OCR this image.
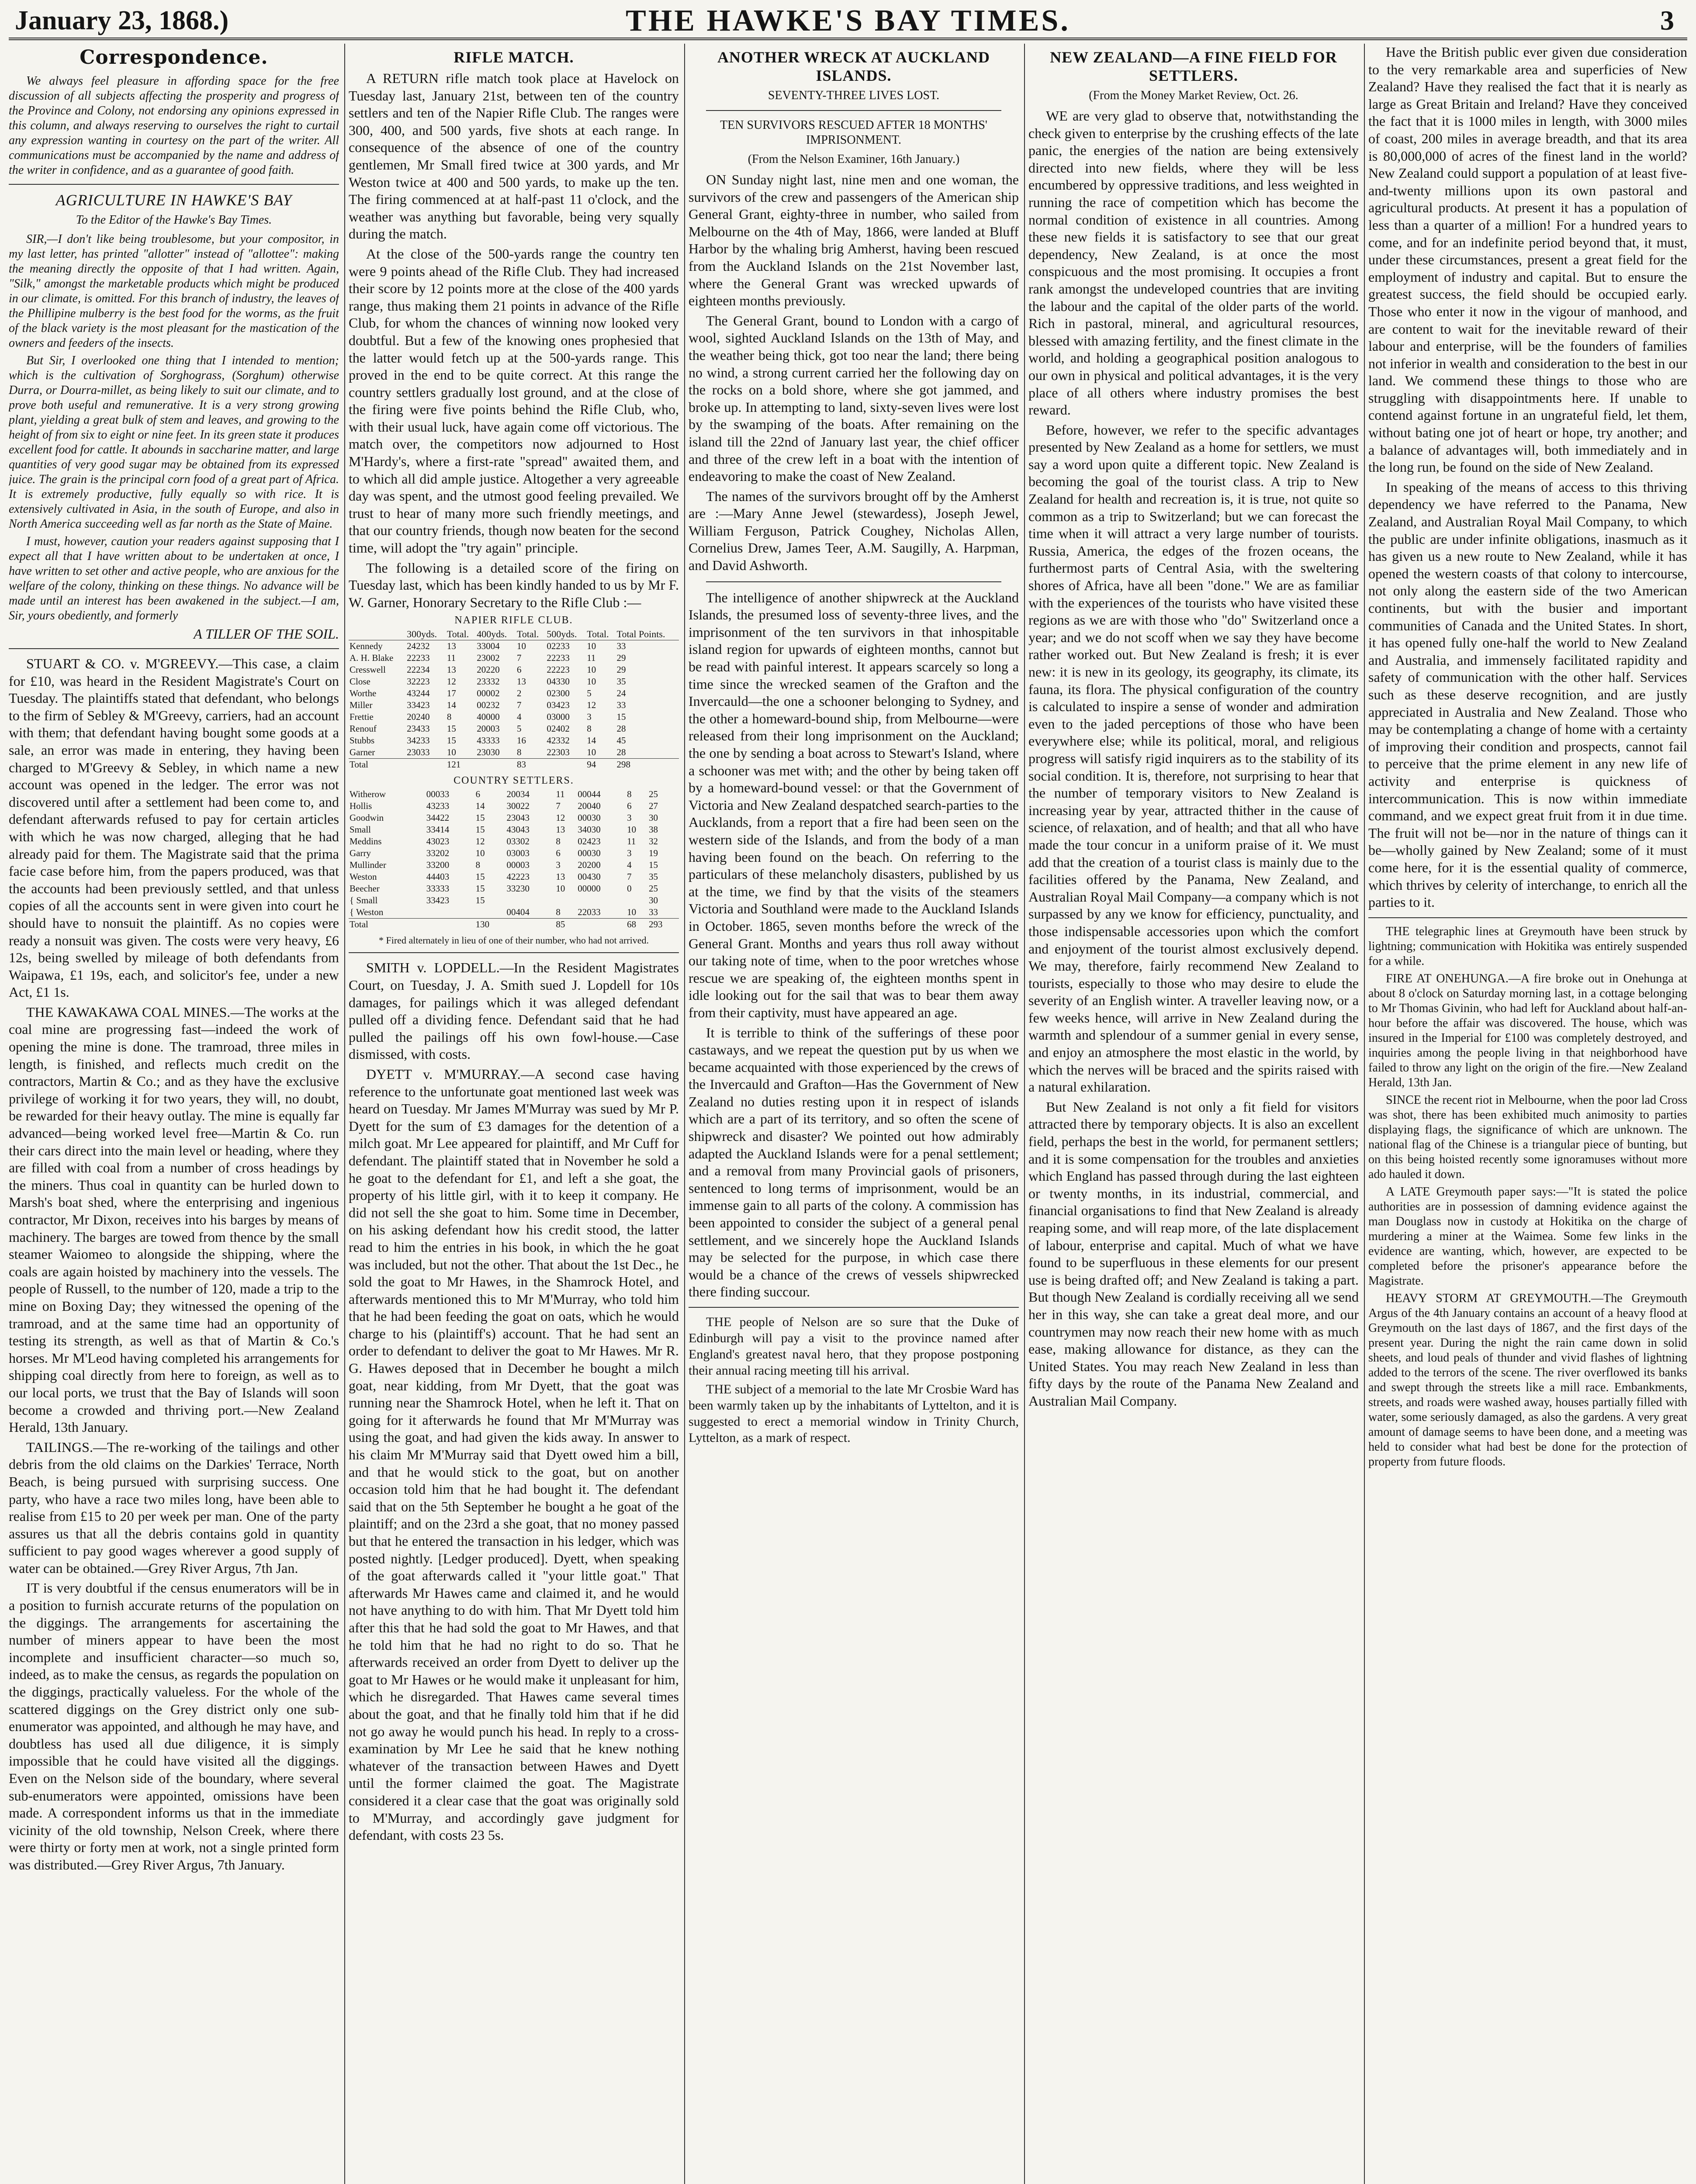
January 23, 1868.)	THE HAWKE'S BAY TIMES.	3
Correspondence.

We always feel pleasure in affording space for the free discussion of all subjects affecting the prosperity and progress of the Province and Colony, not endorsing any opinions expressed in this column, and always reserving to ourselves the right to curtail any expression wanting in courtesy on the part of the writer. All communications must be accompanied by the name and address of the writer in confidence, and as a guarantee of good faith.

AGRICULTURE IN HAWKE'S BAY
To the Editor of the Hawke's Bay Times.

SIR,—I don't like being troublesome, but your compositor, in my last letter, has printed "allotter" instead of "allottee": making the meaning directly the opposite of that I had written. Again, "Silk," amongst the marketable products which might be produced in our climate, is omitted. For this branch of industry, the leaves of the Phillipine mulberry is the best food for the worms, as the fruit of the black variety is the most pleasant for the mastication of the owners and feeders of the insects.

But Sir, I overlooked one thing that I intended to mention; which is the cultivation of Sorghograss, (Sorghum) otherwise Durra, or Dourra-millet, as being likely to suit our climate, and to prove both useful and remunerative. It is a very strong growing plant, yielding a great bulk of stem and leaves, and growing to the height of from six to eight or nine feet. In its green state it produces excellent food for cattle. It abounds in saccharine matter, and large quantities of very good sugar may be obtained from its expressed juice. The grain is the principal corn food of a great part of Africa. It is extremely productive, fully equally so with rice. It is extensively cultivated in Asia, in the south of Europe, and also in North America succeeding well as far north as the State of Maine.

I must, however, caution your readers against supposing that I expect all that I have written about to be undertaken at once, I have written to set other and active people, who are anxious for the welfare of the colony, thinking on these things. No advance will be made until an interest has been awakened in the subject.—I am, Sir, yours obediently, and formerly

A TILLER OF THE SOIL.

STUART & CO. v. M'GREEVY.—This case, a claim for £10, was heard in the Resident Magistrate's Court on Tuesday. The plaintiffs stated that defendant, who belongs to the firm of Sebley & M'Greevy, carriers, had an account with them; that defendant having bought some goods at a sale, an error was made in entering, they having been charged to M'Greevy & Sebley, in which name a new account was opened in the ledger. The error was not discovered until after a settlement had been come to, and defendant afterwards refused to pay for certain articles with which he was now charged, alleging that he had already paid for them. The Magistrate said that the prima facie case before him, from the papers produced, was that the accounts had been previously settled, and that unless copies of all the accounts sent in were given into court he should have to nonsuit the plaintiff. As no copies were ready a nonsuit was given. The costs were very heavy, £6 12s, being swelled by mileage of both defendants from Waipawa, £1 19s, each, and solicitor's fee, under a new Act, £1 1s.

THE KAWAKAWA COAL MINES.—The works at the coal mine are progressing fast—indeed the work of opening the mine is done. The tramroad, three miles in length, is finished, and reflects much credit on the contractors, Martin & Co.; and as they have the exclusive privilege of working it for two years, they will, no doubt, be rewarded for their heavy outlay. The mine is equally far advanced—being worked level free—Martin & Co. run their cars direct into the main level or heading, where they are filled with coal from a number of cross headings by the miners. Thus coal in quantity can be hurled down to Marsh's boat shed, where the enterprising and ingenious contractor, Mr Dixon, receives into his barges by means of machinery. The barges are towed from thence by the small steamer Waiomeo to alongside the shipping, where the coals are again hoisted by machinery into the vessels. The people of Russell, to the number of 120, made a trip to the mine on Boxing Day; they witnessed the opening of the tramroad, and at the same time had an opportunity of testing its strength, as well as that of Martin & Co.'s horses. Mr M'Leod having completed his arrangements for shipping coal directly from here to foreign, as well as to our local ports, we trust that the Bay of Islands will soon become a crowded and thriving port.—New Zealand Herald, 13th January.

TAILINGS.—The re-working of the tailings and other debris from the old claims on the Darkies' Terrace, North Beach, is being pursued with surprising success. One party, who have a race two miles long, have been able to realise from £15 to 20 per week per man. One of the party assures us that all the debris contains gold in quantity sufficient to pay good wages wherever a good supply of water can be obtained.—Grey River Argus, 7th Jan.

IT is very doubtful if the census enumerators will be in a position to furnish accurate returns of the population on the diggings. The arrangements for ascertaining the number of miners appear to have been the most incomplete and insufficient character—so much so, indeed, as to make the census, as regards the population on the diggings, practically valueless. For the whole of the scattered diggings on the Grey district only one sub-enumerator was appointed, and although he may have, and doubtless has used all due diligence, it is simply impossible that he could have visited all the diggings. Even on the Nelson side of the boundary, where several sub-enumerators were appointed, omissions have been made. A correspondent informs us that in the immediate vicinity of the old township, Nelson Creek, where there were thirty or forty men at work, not a single printed form was distributed.—Grey River Argus, 7th January.

RIFLE MATCH.

A RETURN rifle match took place at Havelock on Tuesday last, January 21st, between ten of the country settlers and ten of the Napier Rifle Club. The ranges were 300, 400, and 500 yards, five shots at each range. In consequence of the absence of one of the country gentlemen, Mr Small fired twice at 300 yards, and Mr Weston twice at 400 and 500 yards, to make up the ten. The firing commenced at at half-past 11 o'clock, and the weather was anything but favorable, being very squally during the match.

At the close of the 500-yards range the country ten were 9 points ahead of the Rifle Club. They had increased their score by 12 points more at the close of the 400 yards range, thus making them 21 points in advance of the Rifle Club, for whom the chances of winning now looked very doubtful. But a few of the knowing ones prophesied that the latter would fetch up at the 500-yards range. This proved in the end to be quite correct. At this range the country settlers gradually lost ground, and at the close of the firing were five points behind the Rifle Club, who, with their usual luck, have again come off victorious. The match over, the competitors now adjourned to Host M'Hardy's, where a first-rate "spread" awaited them, and to which all did ample justice. Altogether a very agreeable day was spent, and the utmost good feeling prevailed. We trust to hear of many more such friendly meetings, and that our country friends, though now beaten for the second time, will adopt the "try again" principle.

The following is a detailed score of the firing on Tuesday last, which has been kindly handed to us by Mr F. W. Garner, Honorary Secretary to the Rifle Club :—

NAPIER RIFLE CLUB.
	300yds.	Total.	400yds.	Total.	500yds.	Total.	Total Points.
Kennedy	24232	13	33004	10	02233	10	33
A. H. Blake	22233	11	23002	7	22233	11	29
Cresswell	22234	13	20220	6	22223	10	29
Close	32223	12	23332	13	04330	10	35
Worthe	43244	17	00002	2	02300	5	24
Miller	33423	14	00232	7	03423	12	33
Frettie	20240	8	40000	4	03000	3	15
Renouf	23433	15	20003	5	02402	8	28
Stubbs	34233	15	43333	16	42332	14	45
Garner	23033	10	23030	8	22303	10	28
Total		121		83		94	298
COUNTRY SETTLERS.
Witherow	00033	6	20034	11	00044	8	25
Hollis	43233	14	30022	7	20040	6	27
Goodwin	34422	15	23043	12	00030	3	30
Small	33414	15	43043	13	34030	10	38
Meddins	43023	12	03302	8	02423	11	32
Garry	33202	10	03003	6	00030	3	19
Mullinder	33200	8	00003	3	20200	4	15
Weston	44403	15	42223	13	00430	7	35
Beecher	33333	15	33230	10	00000	0	25
{ Small	33423	15					30
{ Weston			00404	8	22033	10	33
Total		130		85		68	293
* Fired alternately in lieu of one of their number, who had not arrived.

SMITH v. LOPDELL.—In the Resident Magistrates Court, on Tuesday, J. A. Smith sued J. Lopdell for 10s damages, for pailings which it was alleged defendant pulled off a dividing fence. Defendant said that he had pulled the pailings off his own fowl-house.—Case dismissed, with costs.

DYETT v. M'MURRAY.—A second case having reference to the unfortunate goat mentioned last week was heard on Tuesday. Mr James M'Murray was sued by Mr P. Dyett for the sum of £3 damages for the detention of a milch goat. Mr Lee appeared for plaintiff, and Mr Cuff for defendant. The plaintiff stated that in November he sold a he goat to the defendant for £1, and left a she goat, the property of his little girl, with it to keep it company. He did not sell the she goat to him. Some time in December, on his asking defendant how his credit stood, the latter read to him the entries in his book, in which the he goat was included, but not the other. That about the 1st Dec., he sold the goat to Mr Hawes, in the Shamrock Hotel, and afterwards mentioned this to Mr M'Murray, who told him that he had been feeding the goat on oats, which he would charge to his (plaintiff's) account. That he had sent an order to defendant to deliver the goat to Mr Hawes. Mr R. G. Hawes deposed that in December he bought a milch goat, near kidding, from Mr Dyett, that the goat was running near the Shamrock Hotel, when he left it. That on going for it afterwards he found that Mr M'Murray was using the goat, and had given the kids away. In answer to his claim Mr M'Murray said that Dyett owed him a bill, and that he would stick to the goat, but on another occasion told him that he had bought it. The defendant said that on the 5th September he bought a he goat of the plaintiff; and on the 23rd a she goat, that no money passed but that he entered the transaction in his ledger, which was posted nightly. [Ledger produced]. Dyett, when speaking of the goat afterwards called it "your little goat." That afterwards Mr Hawes came and claimed it, and he would not have anything to do with him. That Mr Dyett told him after this that he had sold the goat to Mr Hawes, and that he told him that he had no right to do so. That he afterwards received an order from Dyett to deliver up the goat to Mr Hawes or he would make it unpleasant for him, which he disregarded. That Hawes came several times about the goat, and that he finally told him that if he did not go away he would punch his head. In reply to a cross-examination by Mr Lee he said that he knew nothing whatever of the transaction between Hawes and Dyett until the former claimed the goat. The Magistrate considered it a clear case that the goat was originally sold to M'Murray, and accordingly gave judgment for defendant, with costs 23 5s.

ANOTHER WRECK AT AUCKLAND ISLANDS.
SEVENTY-THREE LIVES LOST.
TEN SURVIVORS RESCUED AFTER 18 MONTHS' IMPRISONMENT.
(From the Nelson Examiner, 16th January.)

ON Sunday night last, nine men and one woman, the survivors of the crew and passengers of the American ship General Grant, eighty-three in number, who sailed from Melbourne on the 4th of May, 1866, were landed at Bluff Harbor by the whaling brig Amherst, having been rescued from the Auckland Islands on the 21st November last, where the General Grant was wrecked upwards of eighteen months previously.

The General Grant, bound to London with a cargo of wool, sighted Auckland Islands on the 13th of May, and the weather being thick, got too near the land; there being no wind, a strong current carried her the following day on the rocks on a bold shore, where she got jammed, and broke up. In attempting to land, sixty-seven lives were lost by the swamping of the boats. After remaining on the island till the 22nd of January last year, the chief officer and three of the crew left in a boat with the intention of endeavoring to make the coast of New Zealand.

The names of the survivors brought off by the Amherst are :—Mary Anne Jewel (stewardess), Joseph Jewel, William Ferguson, Patrick Coughey, Nicholas Allen, Cornelius Drew, James Teer, A.M. Saugilly, A. Harpman, and David Ashworth.

The intelligence of another shipwreck at the Auckland Islands, the presumed loss of seventy-three lives, and the imprisonment of the ten survivors in that inhospitable island region for upwards of eighteen months, cannot but be read with painful interest. It appears scarcely so long a time since the wrecked seamen of the Grafton and the Invercauld—the one a schooner belonging to Sydney, and the other a homeward-bound ship, from Melbourne—were released from their long imprisonment on the Auckland; the one by sending a boat across to Stewart's Island, where a schooner was met with; and the other by being taken off by a homeward-bound vessel: or that the Government of Victoria and New Zealand despatched search-parties to the Aucklands, from a report that a fire had been seen on the western side of the Islands, and from the body of a man having been found on the beach. On referring to the particulars of these melancholy disasters, published by us at the time, we find by that the visits of the steamers Victoria and Southland were made to the Auckland Islands in October. 1865, seven months before the wreck of the General Grant. Months and years thus roll away without our taking note of time, when to the poor wretches whose rescue we are speaking of, the eighteen months spent in idle looking out for the sail that was to bear them away from their captivity, must have appeared an age.

It is terrible to think of the sufferings of these poor castaways, and we repeat the question put by us when we became acquainted with those experienced by the crews of the Invercauld and Grafton—Has the Government of New Zealand no duties resting upon it in respect of islands which are a part of its territory, and so often the scene of shipwreck and disaster? We pointed out how admirably adapted the Auckland Islands were for a penal settlement; and a removal from many Provincial gaols of prisoners, sentenced to long terms of imprisonment, would be an immense gain to all parts of the colony. A commission has been appointed to consider the subject of a general penal settlement, and we sincerely hope the Auckland Islands may be selected for the purpose, in which case there would be a chance of the crews of vessels shipwrecked there finding succour.

THE people of Nelson are so sure that the Duke of Edinburgh will pay a visit to the province named after England's greatest naval hero, that they propose postponing their annual racing meeting till his arrival.

THE subject of a memorial to the late Mr Crosbie Ward has been warmly taken up by the inhabitants of Lyttelton, and it is suggested to erect a memorial window in Trinity Church, Lyttelton, as a mark of respect.

NEW ZEALAND—A FINE FIELD FOR SETTLERS.
(From the Money Market Review, Oct. 26.

WE are very glad to observe that, notwithstanding the check given to enterprise by the crushing effects of the late panic, the energies of the nation are being extensively directed into new fields, where they will be less encumbered by oppressive traditions, and less weighted in running the race of competition which has become the normal condition of existence in all countries. Among these new fields it is satisfactory to see that our great dependency, New Zealand, is at once the most conspicuous and the most promising. It occupies a front rank amongst the undeveloped countries that are inviting the labour and the capital of the older parts of the world. Rich in pastoral, mineral, and agricultural resources, blessed with amazing fertility, and the finest climate in the world, and holding a geographical position analogous to our own in physical and political advantages, it is the very place of all others where industry promises the best reward.

Before, however, we refer to the specific advantages presented by New Zealand as a home for settlers, we must say a word upon quite a different topic. New Zealand is becoming the goal of the tourist class. A trip to New Zealand for health and recreation is, it is true, not quite so common as a trip to Switzerland; but we can forecast the time when it will attract a very large number of tourists. Russia, America, the edges of the frozen oceans, the furthermost parts of Central Asia, with the sweltering shores of Africa, have all been "done." We are as familiar with the experiences of the tourists who have visited these regions as we are with those who "do" Switzerland once a year; and we do not scoff when we say they have become rather worked out. But New Zealand is fresh; it is ever new: it is new in its geology, its geography, its climate, its fauna, its flora. The physical configuration of the country is calculated to inspire a sense of wonder and admiration even to the jaded perceptions of those who have been everywhere else; while its political, moral, and religious progress will satisfy rigid inquirers as to the stability of its social condition. It is, therefore, not surprising to hear that the number of temporary visitors to New Zealand is increasing year by year, attracted thither in the cause of science, of relaxation, and of health; and that all who have made the tour concur in a uniform praise of it. We must add that the creation of a tourist class is mainly due to the facilities offered by the Panama, New Zealand, and Australian Royal Mail Company—a company which is not surpassed by any we know for efficiency, punctuality, and those indispensable accessories upon which the comfort and enjoyment of the tourist almost exclusively depend. We may, therefore, fairly recommend New Zealand to tourists, especially to those who may desire to elude the severity of an English winter. A traveller leaving now, or a few weeks hence, will arrive in New Zealand during the warmth and splendour of a summer genial in every sense, and enjoy an atmosphere the most elastic in the world, by which the nerves will be braced and the spirits raised with a natural exhilaration.

But New Zealand is not only a fit field for visitors attracted there by temporary objects. It is also an excellent field, perhaps the best in the world, for permanent settlers; and it is some compensation for the troubles and anxieties which England has passed through during the last eighteen or twenty months, in its industrial, commercial, and financial organisations to find that New Zealand is already reaping some, and will reap more, of the late displacement of labour, enterprise and capital. Much of what we have found to be superfluous in these elements for our present use is being drafted off; and New Zealand is taking a part. But though New Zealand is cordially receiving all we send her in this way, she can take a great deal more, and our countrymen may now reach their new home with as much ease, making allowance for distance, as they can the United States. You may reach New Zealand in less than fifty days by the route of the Panama New Zealand and Australian Mail Company.

Have the British public ever given due consideration to the very remarkable area and superficies of New Zealand? Have they realised the fact that it is nearly as large as Great Britain and Ireland? Have they conceived the fact that it is 1000 miles in length, with 3000 miles of coast, 200 miles in average breadth, and that its area is 80,000,000 of acres of the finest land in the world? New Zealand could support a population of at least five-and-twenty millions upon its own pastoral and agricultural products. At present it has a population of less than a quarter of a million! For a hundred years to come, and for an indefinite period beyond that, it must, under these circumstances, present a great field for the employment of industry and capital. But to ensure the greatest success, the field should be occupied early. Those who enter it now in the vigour of manhood, and are content to wait for the inevitable reward of their labour and enterprise, will be the founders of families not inferior in wealth and consideration to the best in our land. We commend these things to those who are struggling with disappointments here. If unable to contend against fortune in an ungrateful field, let them, without bating one jot of heart or hope, try another; and a balance of advantages will, both immediately and in the long run, be found on the side of New Zealand.

In speaking of the means of access to this thriving dependency we have referred to the Panama, New Zealand, and Australian Royal Mail Company, to which the public are under infinite obligations, inasmuch as it has given us a new route to New Zealand, while it has opened the western coasts of that colony to intercourse, not only along the eastern side of the two American continents, but with the busier and important communities of Canada and the United States. In short, it has opened fully one-half the world to New Zealand and Australia, and immensely facilitated rapidity and safety of communication with the other half. Services such as these deserve recognition, and are justly appreciated in Australia and New Zealand. Those who may be contemplating a change of home with a certainty of improving their condition and prospects, cannot fail to perceive that the prime element in any new life of activity and enterprise is quickness of intercommunication. This is now within immediate command, and we expect great fruit from it in due time. The fruit will not be—nor in the nature of things can it be—wholly gained by New Zealand; some of it must come here, for it is the essential quality of commerce, which thrives by celerity of interchange, to enrich all the parties to it.

THE telegraphic lines at Greymouth have been struck by lightning; communication with Hokitika was entirely suspended for a while.

FIRE AT ONEHUNGA.—A fire broke out in Onehunga at about 8 o'clock on Saturday morning last, in a cottage belonging to Mr Thomas Givinin, who had left for Auckland about half-an-hour before the affair was discovered. The house, which was insured in the Imperial for £100 was completely destroyed, and inquiries among the people living in that neighborhood have failed to throw any light on the origin of the fire.—New Zealand Herald, 13th Jan.

SINCE the recent riot in Melbourne, when the poor lad Cross was shot, there has been exhibited much animosity to parties displaying flags, the significance of which are unknown. The national flag of the Chinese is a triangular piece of bunting, but on this being hoisted recently some ignoramuses without more ado hauled it down.

A LATE Greymouth paper says:—"It is stated the police authorities are in possession of damning evidence against the man Douglass now in custody at Hokitika on the charge of murdering a miner at the Waimea. Some few links in the evidence are wanting, which, however, are expected to be completed before the prisoner's appearance before the Magistrate.

HEAVY STORM AT GREYMOUTH.—The Greymouth Argus of the 4th January contains an account of a heavy flood at Greymouth on the last days of 1867, and the first days of the present year. During the night the rain came down in solid sheets, and loud peals of thunder and vivid flashes of lightning added to the terrors of the scene. The river overflowed its banks and swept through the streets like a mill race. Embankments, streets, and roads were washed away, houses partially filled with water, some seriously damaged, as also the gardens. A very great amount of damage seems to have been done, and a meeting was held to consider what had best be done for the protection of property from future floods.
